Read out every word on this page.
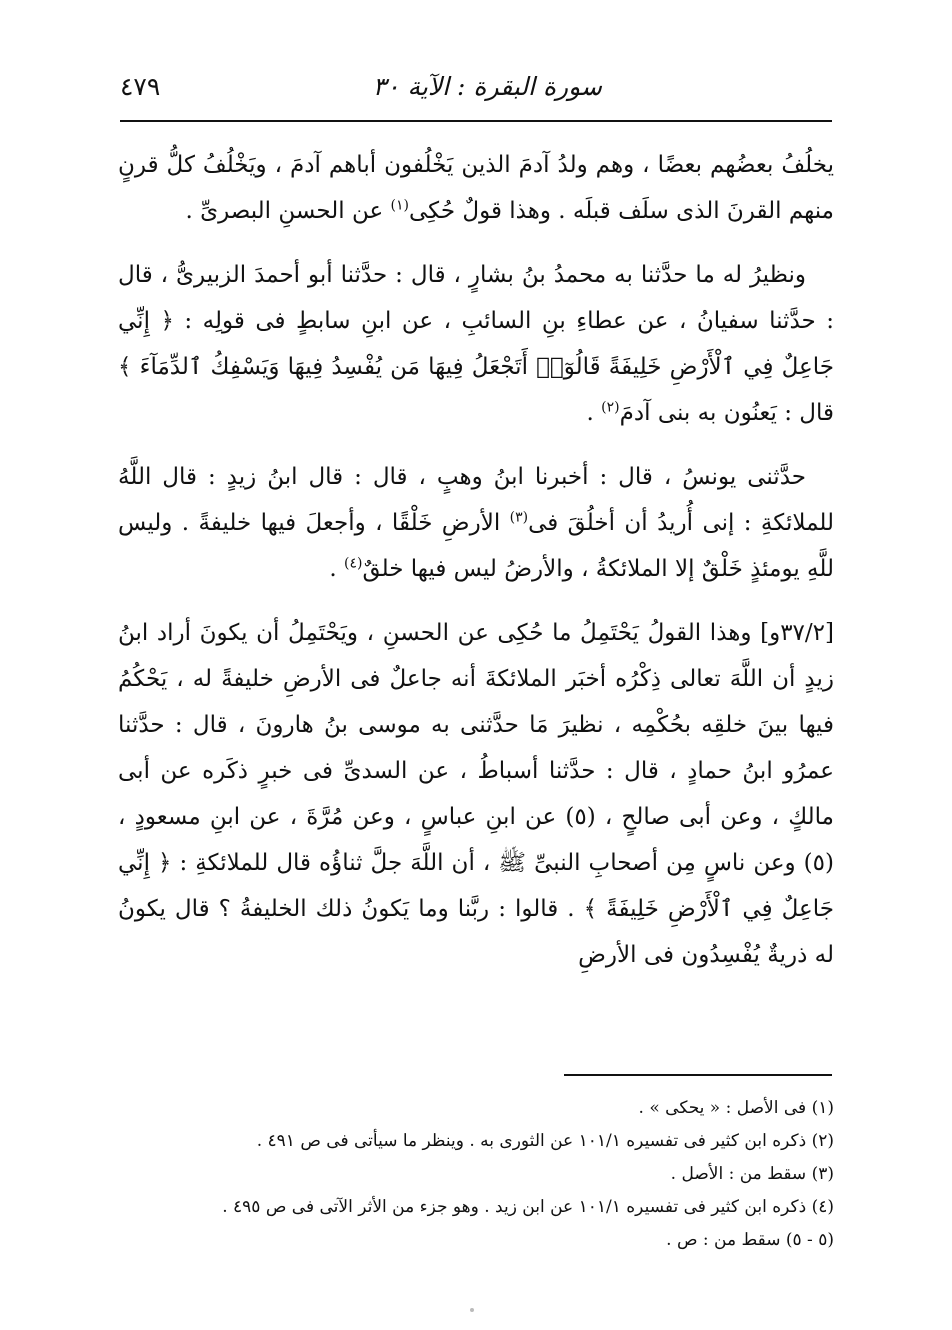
سورة البقرة : الآية ٣٠
٤٧٩

يخلُفُ بعضُهم بعضًا ، وهم ولدُ آدمَ الذين يَخْلُفون أباهم آدمَ ، ويَخْلُفُ كلُّ قرنٍ منهم القرنَ الذى سلَف قبلَه . وهذا قولٌ حُكِى$^{(١)}$ عن الحسنِ البصرىِّ .

ونظيرُ له ما حدَّثنا به محمدُ بنُ بشارٍ ، قال : حدَّثنا أبو أحمدَ الزبيرىُّ ، قال : حدَّثنا سفيانُ ، عن عطاءِ بنِ السائبِ ، عن ابنِ سابطٍ فى قولِه : ﴿ إِنِّي جَاعِلٌ فِي ٱلْأَرْضِ خَلِيفَةً قَالُوٓا۟ أَتَجْعَلُ فِيهَا مَن يُفْسِدُ فِيهَا وَيَسْفِكُ ٱلدِّمَآءَ ﴾ قال : يَعنُون به بنى آدمَ$^{(٢)}$ .

حدَّثنى يونسُ ، قال : أخبرنا ابنُ وهبٍ ، قال : قال ابنُ زيدٍ : قال اللَّهُ للملائكةِ : إنى أُريدُ أن أخلُقَ فى$^{(٣)}$ الأرضِ خَلْقًا ، وأجعلَ فيها خليفةً . وليس للَّهِ يومئذٍ خَلْقٌ إلا الملائكةُ ، والأرضُ ليس فيها خلقٌ$^{(٤)}$ .

[٣٧/٢و] وهذا القولُ يَحْتَمِلُ ما حُكِى عن الحسنِ ، ويَحْتَمِلُ أن يكونَ أراد ابنُ زيدٍ أن اللَّهَ تعالى ذِكْرُه أخبَر الملائكةَ أنه جاعلٌ فى الأرضِ خليفةً له ، يَحْكُمُ فيها بينَ خلقِه بحُكْمِه ، نظيرَ مَا حدَّثنى به موسى بنُ هارونَ ، قال : حدَّثنا عمرُو ابنُ حمادٍ ، قال : حدَّثنا أسباطُ ، عن السدىِّ فى خبرٍ ذكَره عن أبى مالكٍ ، وعن أبى صالحٍ ، (٥) عن ابنِ عباسٍ ، وعن مُرَّةَ ، عن ابنِ مسعودٍ ، (٥) وعن ناسٍ مِن أصحابِ النبىِّ ﷺ ، أن اللَّهَ جلَّ ثناؤُه قال للملائكةِ : ﴿ إِنِّي جَاعِلٌ فِي ٱلْأَرْضِ خَلِيفَةً ﴾ . قالوا : ربَّنا وما يَكونُ ذلك الخليفةُ ؟ قال يكونُ له ذريةٌ يُفْسِدُون فى الأرضِ

(١) فى الأصل : « يحكى » .

(٢) ذكره ابن كثير فى تفسيره ١٠١/١ عن الثورى به . وينظر ما سيأتى فى ص ٤٩١ .

(٣) سقط من : الأصل .

(٤) ذكره ابن كثير فى تفسيره ١٠١/١ عن ابن زيد . وهو جزء من الأثر الآتى فى ص ٤٩٥ .

(٥ - ٥) سقط من : ص .
